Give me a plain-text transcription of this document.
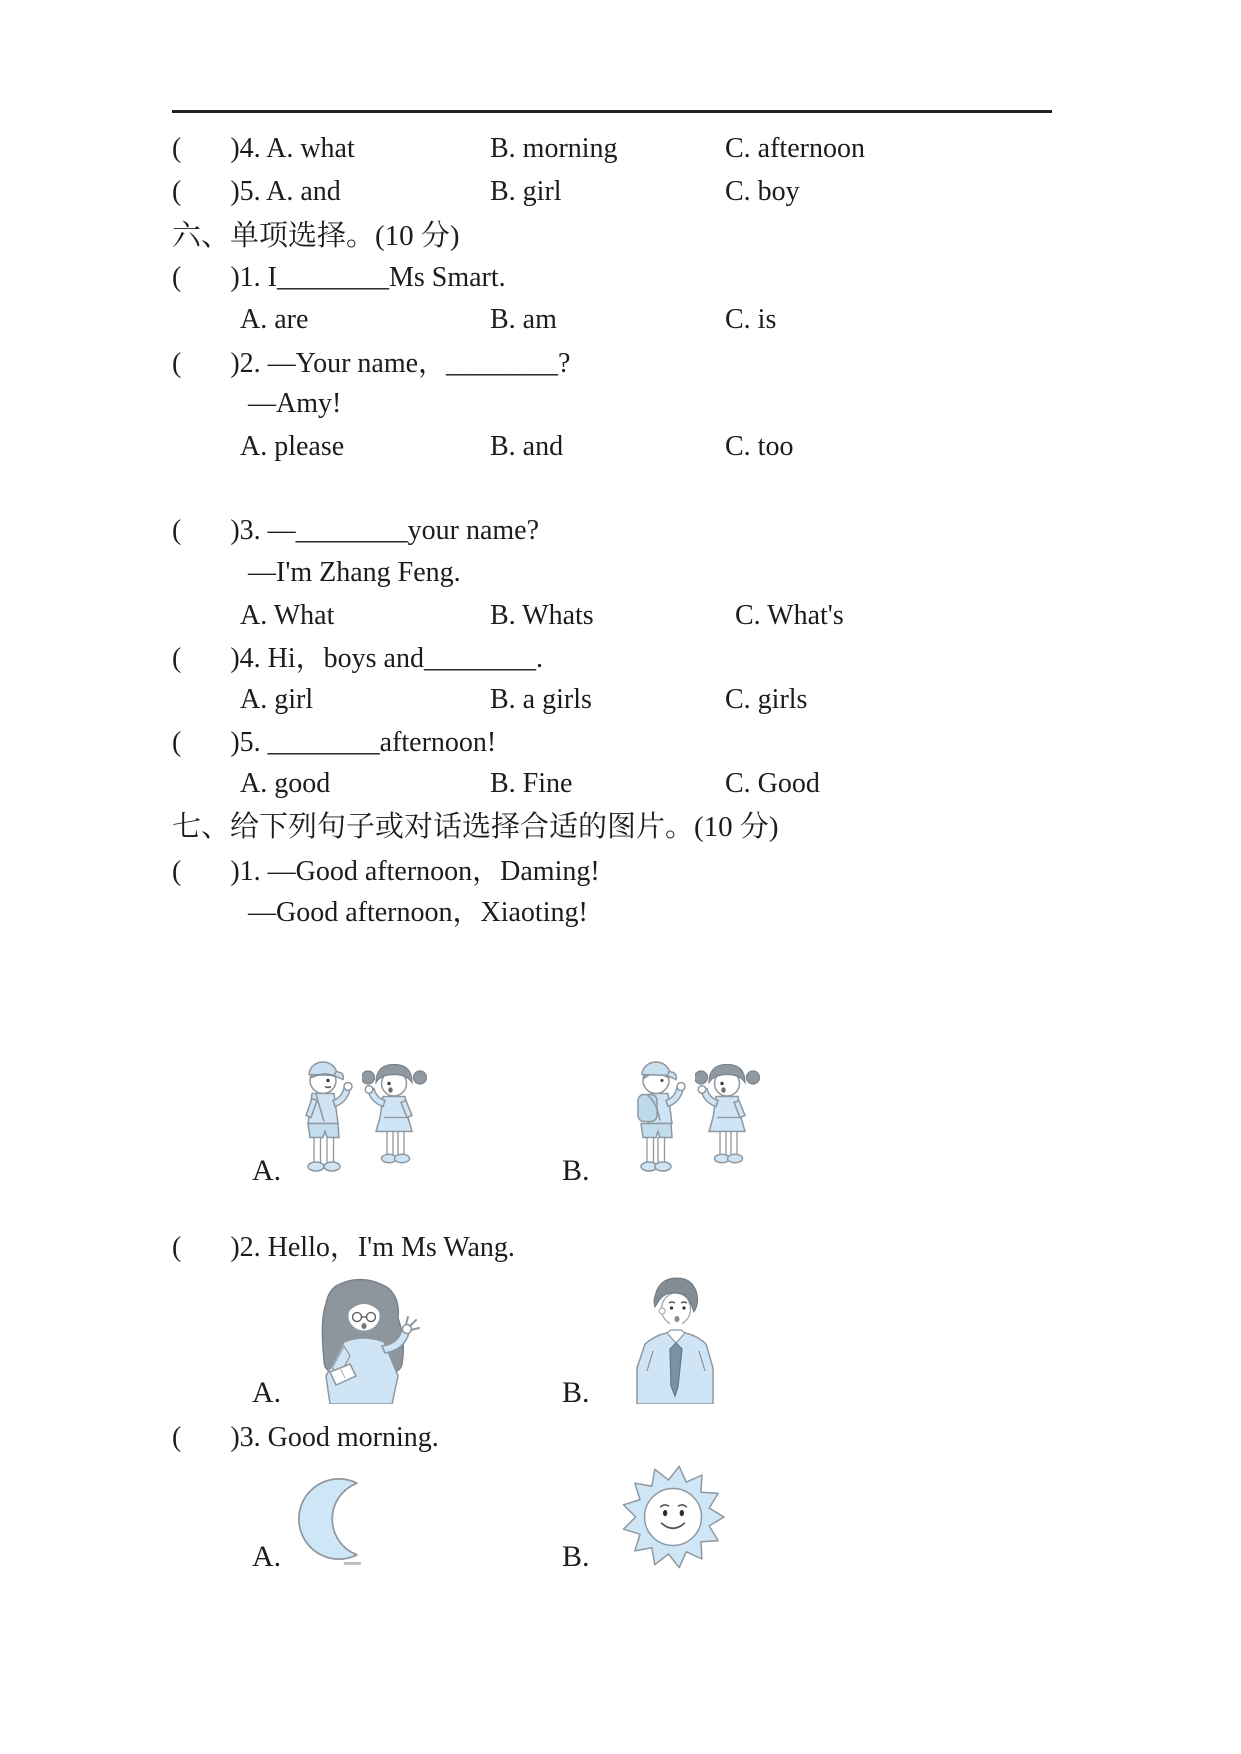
(       )4. A. what	B. morning	C. afternoon
(       )5. A. and	B. girl	C. boy
六、单项选择。(10 分)
(       )1. I________Ms Smart.
A. are	B. am	C. is
(       )2. —Your name，________?
—Amy!
A. please	B. and	C. too
(       )3. —________your name?
—I'm Zhang Feng.
A. What	B. Whats	C. What's
(       )4. Hi，boys and________.
A. girl	B. a girls	C. girls
(       )5. ________afternoon!
A. good	B. Fine	C. Good
七、给下列句子或对话选择合适的图片。(10 分)
(       )1. —Good afternoon，Daming!
—Good afternoon，Xiaoting!
A.	B.
(       )2. Hello，I'm Ms Wang.
A.	B.
(       )3. Good morning.
A.	B.
